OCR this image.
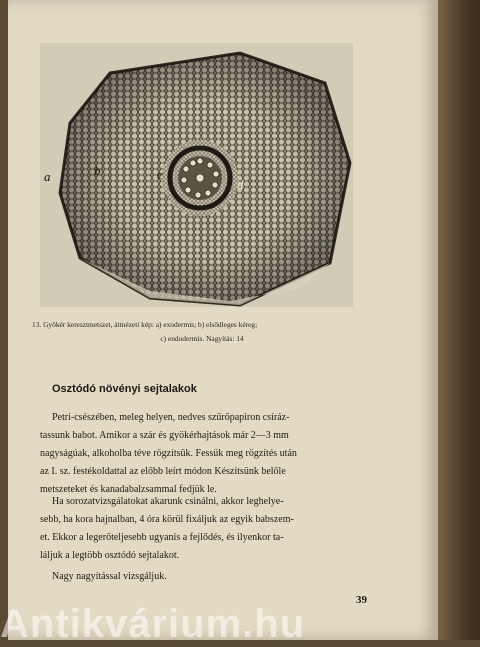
a	b	c
d
13. Gyökér keresztmetszet, áttnézeti kép: a) exodermis; b) elsődleges kéreg;
c) endodermis. Nagyítás: 14
Osztódó növényi sejtalakok
Petri-csészében, meleg helyen, nedves szűrőpapiron csíráz-
tassunk babot. Amikor a szár és gyökérhajtások már 2—3 mm
nagyságúak, alkoholba téve rögzítsük. Fessük meg rögzítés után
az I. sz. festékoldattal az előbb leírt módon Készítsünk belőle
metszeteket és kanadabalzsammal fedjük le.
Ha sorozatvizsgálatokat akarunk csinálni, akkor leghelye-
sebb, ha kora hajnalban, 4 óra körül fixáljuk az egyik babszem-
et. Ekkor a legerőteljesebb ugyanis a fejlődés, és ilyenkor ta-
láljuk a legtöbb osztódó sejtalakot.
Nagy nagyítással vizsgáljuk.
39
Antikvárium.hu
